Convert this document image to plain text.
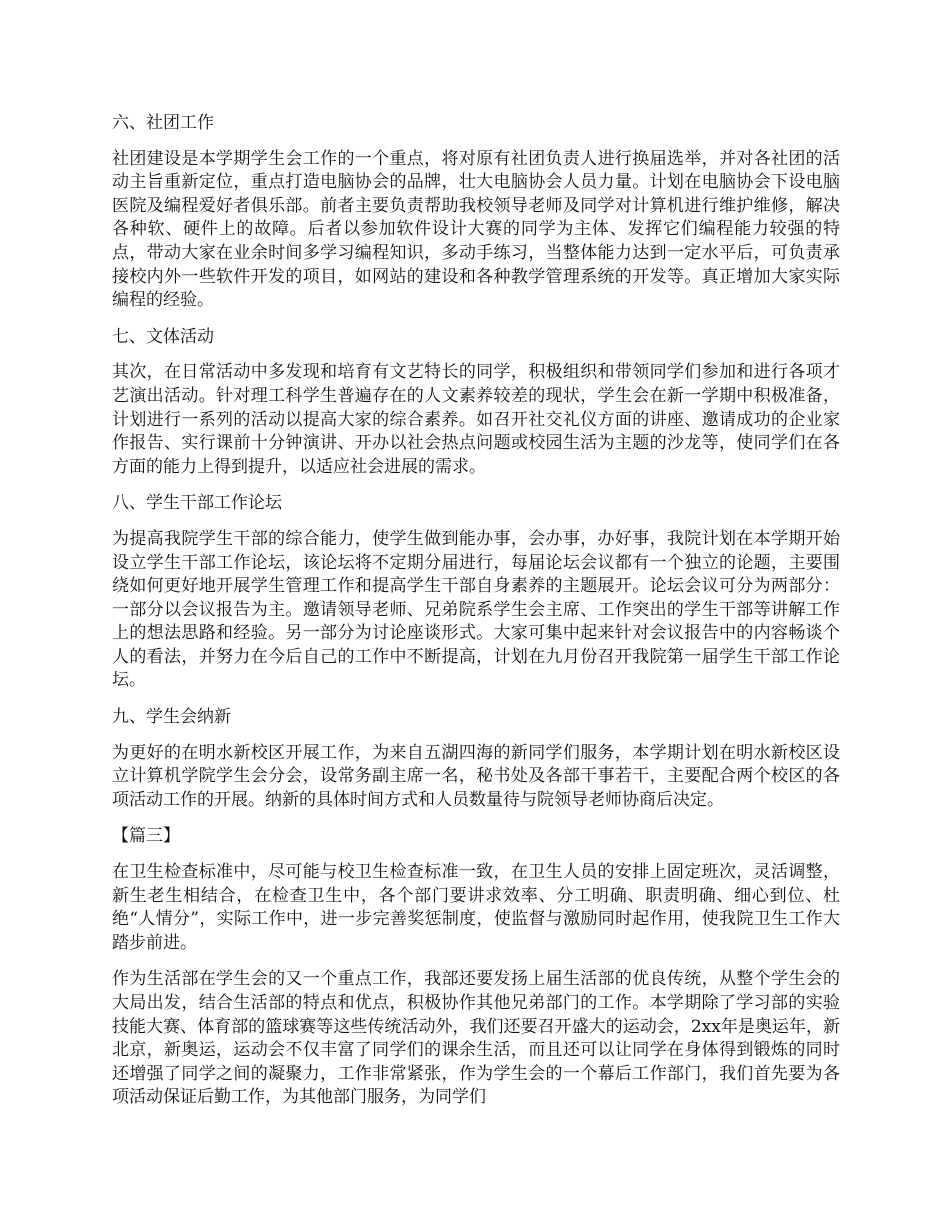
六、社团工作

社团建设是本学期学生会工作的一个重点，将对原有社团负责人进行换届选举，并对各社团的活动主旨重新定位，重点打造电脑协会的品牌，壮大电脑协会人员力量。计划在电脑协会下设电脑医院及编程爱好者俱乐部。前者主要负责帮助我校领导老师及同学对计算机进行维护维修，解决各种软、硬件上的故障。后者以参加软件设计大赛的同学为主体、发挥它们编程能力较强的特点，带动大家在业余时间多学习编程知识，多动手练习，当整体能力达到一定水平后，可负责承接校内外一些软件开发的项目，如网站的建设和各种教学管理系统的开发等。真正增加大家实际编程的经验。

七、文体活动

其次，在日常活动中多发现和培育有文艺特长的同学，积极组织和带领同学们参加和进行各项才艺演出活动。针对理工科学生普遍存在的人文素养较差的现状，学生会在新一学期中积极准备，计划进行一系列的活动以提高大家的综合素养。如召开社交礼仪方面的讲座、邀请成功的企业家作报告、实行课前十分钟演讲、开办以社会热点问题或校园生活为主题的沙龙等，使同学们在各方面的能力上得到提升，以适应社会进展的需求。

八、学生干部工作论坛

为提高我院学生干部的综合能力，使学生做到能办事，会办事，办好事，我院计划在本学期开始设立学生干部工作论坛，该论坛将不定期分届进行，每届论坛会议都有一个独立的论题，主要围绕如何更好地开展学生管理工作和提高学生干部自身素养的主题展开。论坛会议可分为两部分：一部分以会议报告为主。邀请领导老师、兄弟院系学生会主席、工作突出的学生干部等讲解工作上的想法思路和经验。另一部分为讨论座谈形式。大家可集中起来针对会议报告中的内容畅谈个人的看法，并努力在今后自己的工作中不断提高，计划在九月份召开我院第一届学生干部工作论坛。

九、学生会纳新

为更好的在明水新校区开展工作，为来自五湖四海的新同学们服务，本学期计划在明水新校区设立计算机学院学生会分会，设常务副主席一名，秘书处及各部干事若干，主要配合两个校区的各项活动工作的开展。纳新的具体时间方式和人员数量待与院领导老师协商后决定。

【篇三】

在卫生检查标准中，尽可能与校卫生检查标准一致，在卫生人员的安排上固定班次，灵活调整，新生老生相结合，在检查卫生中，各个部门要讲求效率、分工明确、职责明确、细心到位、杜绝“人情分”，实际工作中，进一步完善奖惩制度，使监督与激励同时起作用，使我院卫生工作大踏步前进。

作为生活部在学生会的又一个重点工作，我部还要发扬上届生活部的优良传统，从整个学生会的大局出发，结合生活部的特点和优点，积极协作其他兄弟部门的工作。本学期除了学习部的实验技能大赛、体育部的篮球赛等这些传统活动外，我们还要召开盛大的运动会，2xx年是奥运年，新北京，新奥运，运动会不仅丰富了同学们的课余生活，而且还可以让同学在身体得到锻炼的同时还增强了同学之间的凝聚力，工作非常紧张，作为学生会的一个幕后工作部门，我们首先要为各项活动保证后勤工作，为其他部门服务，为同学们
